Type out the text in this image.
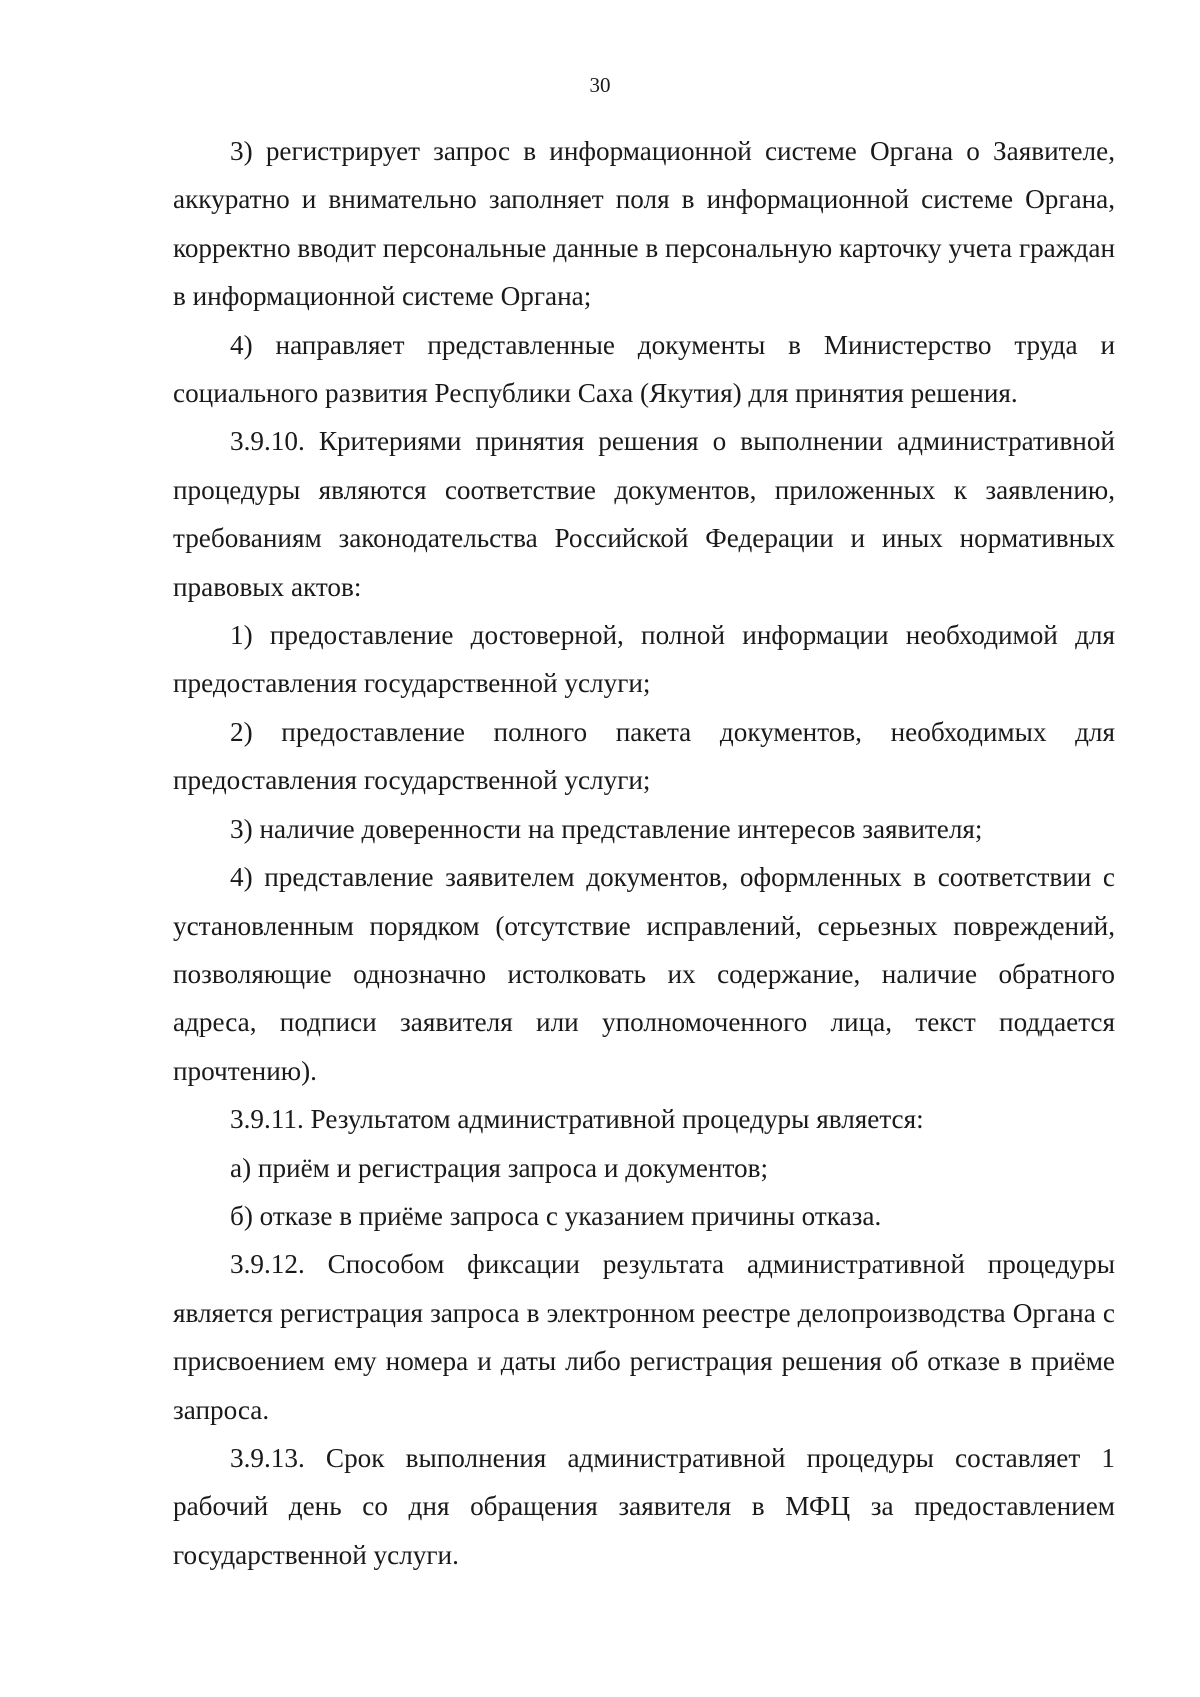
30

3) регистрирует запрос в информационной системе Органа о Заявителе, аккуратно и внимательно заполняет поля в информационной системе Органа, корректно вводит персональные данные в персональную карточку учета граждан в информационной системе Органа;

4) направляет представленные документы в Министерство труда и социального развития Республики Саха (Якутия) для принятия решения.

3.9.10. Критериями принятия решения о выполнении административной процедуры являются соответствие документов, приложенных к заявлению, требованиям законодательства Российской Федерации и иных нормативных правовых актов:

1) предоставление достоверной, полной информации необходимой для предоставления государственной услуги;

2) предоставление полного пакета документов, необходимых для предоставления государственной услуги;

3) наличие доверенности на представление интересов заявителя;

4) представление заявителем документов, оформленных в соответствии с установленным порядком (отсутствие исправлений, серьезных повреждений, позволяющие однозначно истолковать их содержание, наличие обратного адреса, подписи заявителя или уполномоченного лица, текст поддается прочтению).

3.9.11. Результатом административной процедуры является:

а) приём и регистрация запроса и документов;

б) отказе в приёме запроса с указанием причины отказа.

3.9.12. Способом фиксации результата административной процедуры является регистрация запроса в электронном реестре делопроизводства Органа с присвоением ему номера и даты либо регистрация решения об отказе в приёме запроса.

3.9.13. Срок выполнения административной процедуры составляет 1 рабочий день со дня обращения заявителя в МФЦ за предоставлением государственной услуги.
